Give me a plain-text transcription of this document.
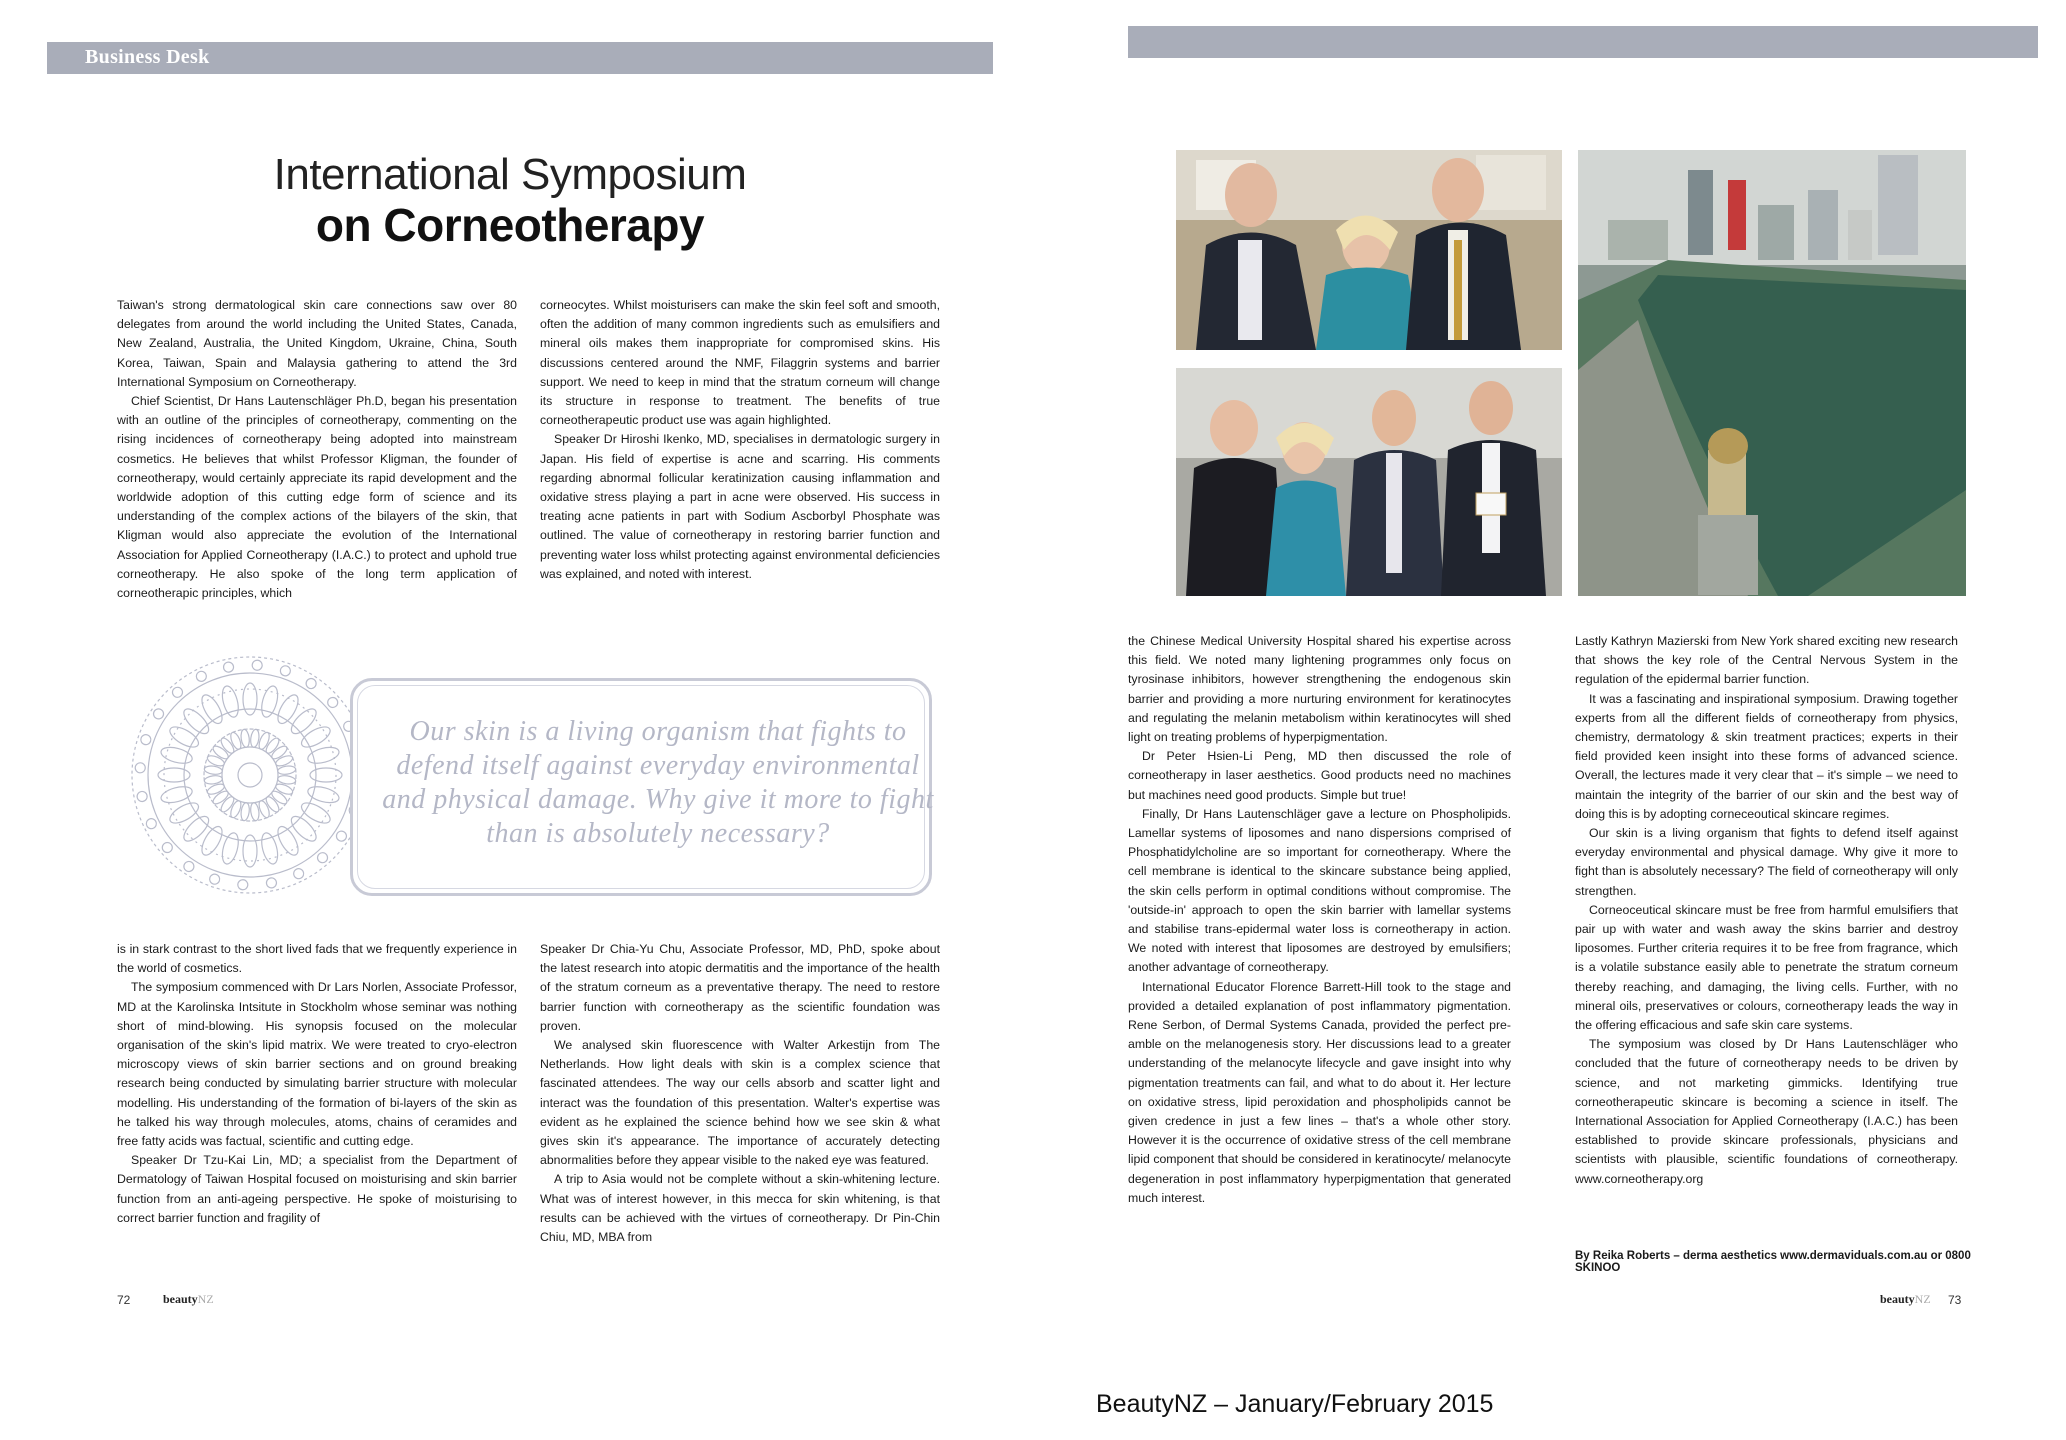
Business Desk
International Symposium
on Corneotherapy

Taiwan's strong dermatological skin care connections saw over 80 delegates from around the world including the United States, Canada, New Zealand, Australia, the United Kingdom, Ukraine, China, South Korea, Taiwan, Spain and Malaysia gathering to attend the 3rd International Symposium on Corneotherapy.

Chief Scientist, Dr Hans Lautenschläger Ph.D, began his presentation with an outline of the principles of corneotherapy, commenting on the rising incidences of corneotherapy being adopted into mainstream cosmetics. He believes that whilst Professor Kligman, the founder of corneotherapy, would certainly appreciate its rapid development and the worldwide adoption of this cutting edge form of science and its understanding of the complex actions of the bilayers of the skin, that Kligman would also appreciate the evolution of the International Association for Applied Corneotherapy (I.A.C.) to protect and uphold true corneotherapy. He also spoke of the long term application of corneotherapic principles, which

corneocytes. Whilst moisturisers can make the skin feel soft and smooth, often the addition of many common ingredients such as emulsifiers and mineral oils makes them inappropriate for compromised skins. His discussions centered around the NMF, Filaggrin systems and barrier support. We need to keep in mind that the stratum corneum will change its structure in response to treatment. The benefits of true corneotherapeutic product use was again highlighted.

Speaker Dr Hiroshi Ikenko, MD, specialises in dermatologic surgery in Japan. His field of expertise is acne and scarring. His comments regarding abnormal follicular keratinization causing inflammation and oxidative stress playing a part in acne were observed. His success in treating acne patients in part with Sodium Ascborbyl Phosphate was outlined. The value of corneotherapy in restoring barrier function and preventing water loss whilst protecting against environmental deficiencies was explained, and noted with interest.

Our skin is a living organism that fights to defend itself against everyday environmental and physical damage. Why give it more to fight than is absolutely necessary?

is in stark contrast to the short lived fads that we frequently experience in the world of cosmetics.

The symposium commenced with Dr Lars Norlen, Associate Professor, MD at the Karolinska Intsitute in Stockholm whose seminar was nothing short of mind-blowing. His synopsis focused on the molecular organisation of the skin's lipid matrix. We were treated to cryo-electron microscopy views of skin barrier sections and on ground breaking research being conducted by simulating barrier structure with molecular modelling. His understanding of the formation of bi-layers of the skin as he talked his way through molecules, atoms, chains of ceramides and free fatty acids was factual, scientific and cutting edge.

Speaker Dr Tzu-Kai Lin, MD; a specialist from the Department of Dermatology of Taiwan Hospital focused on moisturising and skin barrier function from an anti-ageing perspective. He spoke of moisturising to correct barrier function and fragility of

Speaker Dr Chia-Yu Chu, Associate Professor, MD, PhD, spoke about the latest research into atopic dermatitis and the importance of the health of the stratum corneum as a preventative therapy. The need to restore barrier function with corneotherapy as the scientific foundation was proven.

We analysed skin fluorescence with Walter Arkestijn from The Netherlands. How light deals with skin is a complex science that fascinated attendees. The way our cells absorb and scatter light and interact was the foundation of this presentation. Walter's expertise was evident as he explained the science behind how we see skin & what gives skin it's appearance. The importance of accurately detecting abnormalities before they appear visible to the naked eye was featured.

A trip to Asia would not be complete without a skin-whitening lecture. What was of interest however, in this mecca for skin whitening, is that results can be achieved with the virtues of corneotherapy. Dr Pin-Chin Chiu, MD, MBA from

72	beautyNZ

the Chinese Medical University Hospital shared his expertise across this field. We noted many lightening programmes only focus on tyrosinase inhibitors, however strengthening the endogenous skin barrier and providing a more nurturing environment for keratinocytes and regulating the melanin metabolism within keratinocytes will shed light on treating problems of hyperpigmentation.

Dr Peter Hsien-Li Peng, MD then discussed the role of corneotherapy in laser aesthetics. Good products need no machines but machines need good products. Simple but true!

Finally, Dr Hans Lautenschläger gave a lecture on Phospholipids. Lamellar systems of liposomes and nano dispersions comprised of Phosphatidylcholine are so important for corneotherapy. Where the cell membrane is identical to the skincare substance being applied, the skin cells perform in optimal conditions without compromise. The 'outside-in' approach to open the skin barrier with lamellar systems and stabilise trans-epidermal water loss is corneotherapy in action. We noted with interest that liposomes are destroyed by emulsifiers; another advantage of corneotherapy.

International Educator Florence Barrett-Hill took to the stage and provided a detailed explanation of post inflammatory pigmentation. Rene Serbon, of Dermal Systems Canada, provided the perfect pre-amble on the melanogenesis story. Her discussions lead to a greater understanding of the melanocyte lifecycle and gave insight into why pigmentation treatments can fail, and what to do about it. Her lecture on oxidative stress, lipid peroxidation and phospholipids cannot be given credence in just a few lines – that's a whole other story. However it is the occurrence of oxidative stress of the cell membrane lipid component that should be considered in keratinocyte/ melanocyte degeneration in post inflammatory hyperpigmentation that generated much interest.

Lastly Kathryn Mazierski from New York shared exciting new research that shows the key role of the Central Nervous System in the regulation of the epidermal barrier function.

It was a fascinating and inspirational symposium. Drawing together experts from all the different fields of corneotherapy from physics, chemistry, dermatology & skin treatment practices; experts in their field provided keen insight into these forms of advanced science. Overall, the lectures made it very clear that – it's simple – we need to maintain the integrity of the barrier of our skin and the best way of doing this is by adopting corneceoutical skincare regimes.

Our skin is a living organism that fights to defend itself against everyday environmental and physical damage. Why give it more to fight than is absolutely necessary? The field of corneotherapy will only strengthen.

Corneoceutical skincare must be free from harmful emulsifiers that pair up with water and wash away the skins barrier and destroy liposomes. Further criteria requires it to be free from fragrance, which is a volatile substance easily able to penetrate the stratum corneum thereby reaching, and damaging, the living cells. Further, with no mineral oils, preservatives or colours, corneotherapy leads the way in the offering efficacious and safe skin care systems.

The symposium was closed by Dr Hans Lautenschläger who concluded that the future of corneotherapy needs to be driven by science, and not marketing gimmicks. Identifying true corneotherapeutic skincare is becoming a science in itself. The International Association for Applied Corneotherapy (I.A.C.) has been established to provide skincare professionals, physicians and scientists with plausible, scientific foundations of corneotherapy. www.corneotherapy.org

By Reika Roberts – derma aesthetics www.dermaviduals.com.au or 0800 SKINOO
beautyNZ 73
BeautyNZ – January/February 2015
